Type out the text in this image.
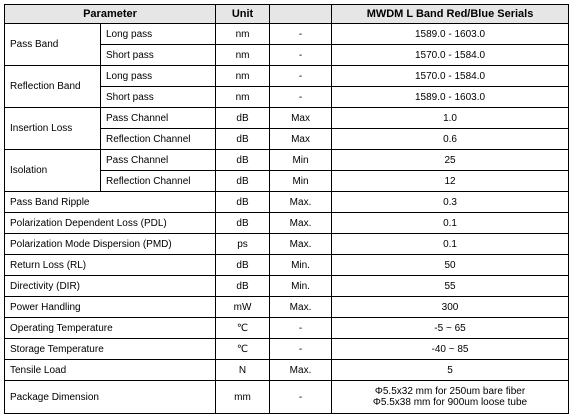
Parameter		Unit		MWDM L Band Red/Blue Serials
Pass Band	Long pass	nm	-	1589.0 - 1603.0
	Short pass	nm	-	1570.0 - 1584.0
Reflection Band	Long pass	nm	-	1570.0 - 1584.0
	Short pass	nm	-	1589.0 - 1603.0
Insertion Loss	Pass Channel	dB	Max	1.0
	Reflection Channel	dB	Max	0.6
Isolation	Pass Channel	dB	Min	25
	Reflection Channel	dB	Min	12
Pass Band Ripple		dB	Max.	0.3
Polarization Dependent Loss (PDL)		dB	Max.	0.1
Polarization Mode Dispersion (PMD)		ps	Max.	0.1
Return Loss (RL)		dB	Min.	50
Directivity (DIR)		dB	Min.	55
Power Handling		mW	Max.	300
Operating Temperature		℃	-	-5 ~ 65
Storage Temperature		℃	-	-40 ~ 85
Tensile Load		N	Max.	5
Package Dimension		mm	-	Φ5.5x32 mm for 250um bare fiber
Φ5.5x38 mm for 900um loose tube
